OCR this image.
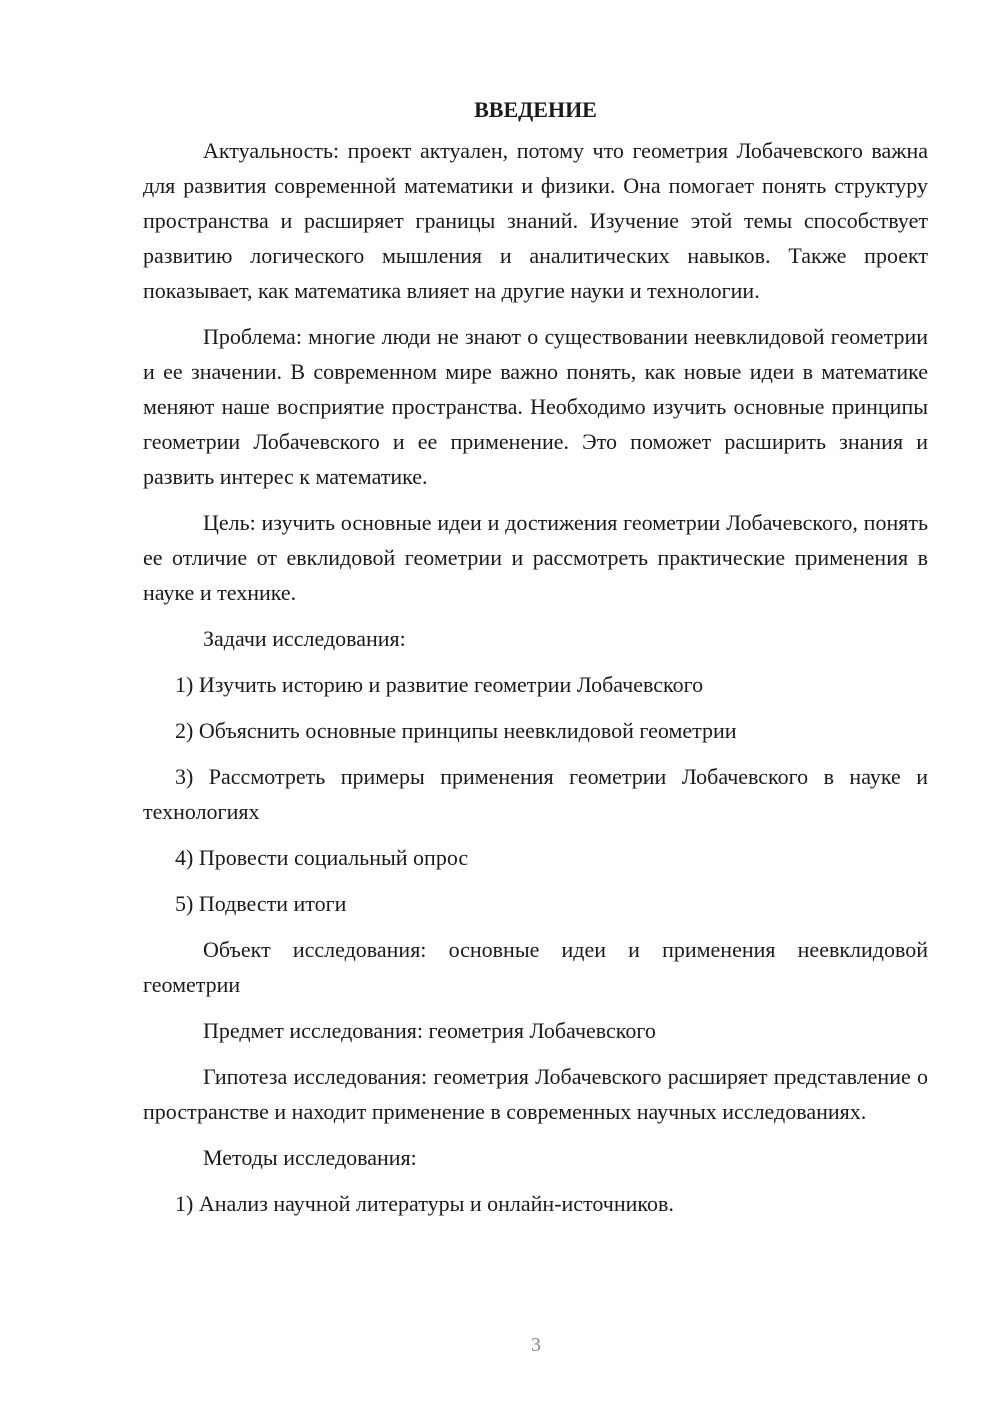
ВВЕДЕНИЕ

Актуальность: проект актуален, потому что геометрия Лобачевского важна для развития современной математики и физики. Она помогает понять структуру пространства и расширяет границы знаний. Изучение этой темы способствует развитию логического мышления и аналитических навыков. Также проект показывает, как математика влияет на другие науки и технологии.

Проблема: многие люди не знают о существовании неевклидовой геометрии и ее значении. В современном мире важно понять, как новые идеи в математике меняют наше восприятие пространства. Необходимо изучить основные принципы геометрии Лобачевского и ее применение. Это поможет расширить знания и развить интерес к математике.

Цель: изучить основные идеи и достижения геометрии Лобачевского, понять ее отличие от евклидовой геометрии и рассмотреть практические применения в науке и технике.

Задачи исследования:

1) Изучить историю и развитие геометрии Лобачевского

2) Объяснить основные принципы неевклидовой геометрии

3) Рассмотреть примеры применения геометрии Лобачевского в науке и технологиях

4) Провести социальный опрос

5) Подвести итоги

Объект исследования: основные идеи и применения неевклидовой геометрии

Предмет исследования: геометрия Лобачевского

Гипотеза исследования: геометрия Лобачевского расширяет представление о пространстве и находит применение в современных научных исследованиях.

Методы исследования:

1) Анализ научной литературы и онлайн-источников.

3
